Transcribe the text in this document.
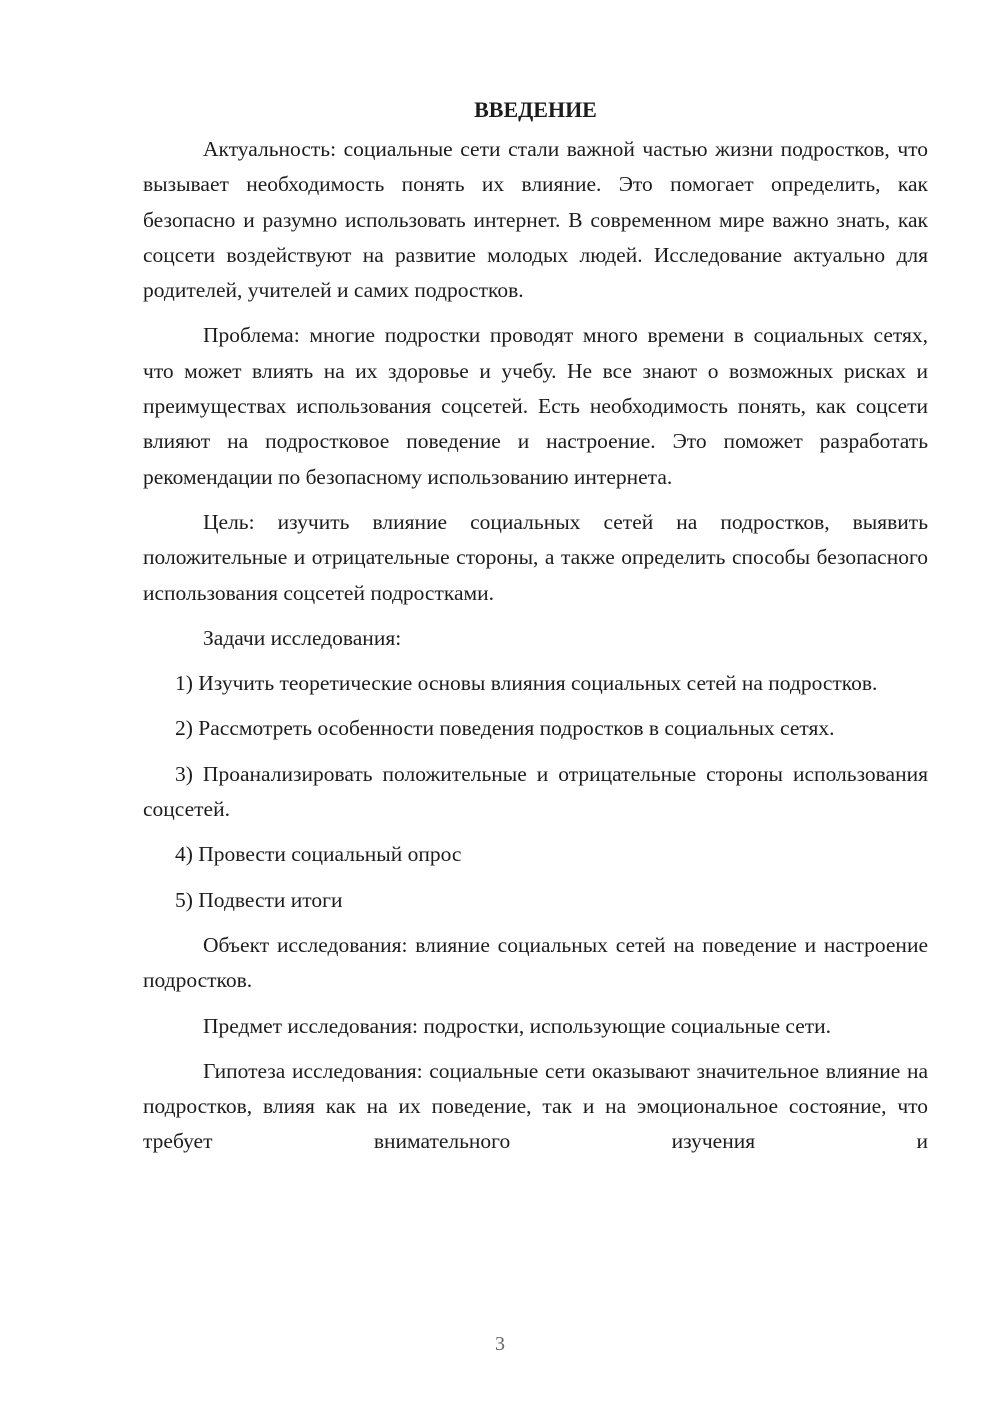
ВВЕДЕНИЕ

Актуальность: социальные сети стали важной частью жизни подростков, что вызывает необходимость понять их влияние. Это помогает определить, как безопасно и разумно использовать интернет. В современном мире важно знать, как соцсети воздействуют на развитие молодых людей. Исследование актуально для родителей, учителей и самих подростков.

Проблема: многие подростки проводят много времени в социальных сетях, что может влиять на их здоровье и учебу. Не все знают о возможных рисках и преимуществах использования соцсетей. Есть необходимость понять, как соцсети влияют на подростковое поведение и настроение. Это поможет разработать рекомендации по безопасному использованию интернета.

Цель: изучить влияние социальных сетей на подростков, выявить положительные и отрицательные стороны, а также определить способы безопасного использования соцсетей подростками.

Задачи исследования:

1) Изучить теоретические основы влияния социальных сетей на подростков.

2) Рассмотреть особенности поведения подростков в социальных сетях.

3) Проанализировать положительные и отрицательные стороны использования соцсетей.

4) Провести социальный опрос

5) Подвести итоги

Объект исследования: влияние социальных сетей на поведение и настроение подростков.

Предмет исследования: подростки, использующие социальные сети.

Гипотеза исследования: социальные сети оказывают значительное влияние на подростков, влияя как на их поведение, так и на эмоциональное состояние, что требует внимательного изучения и

3
